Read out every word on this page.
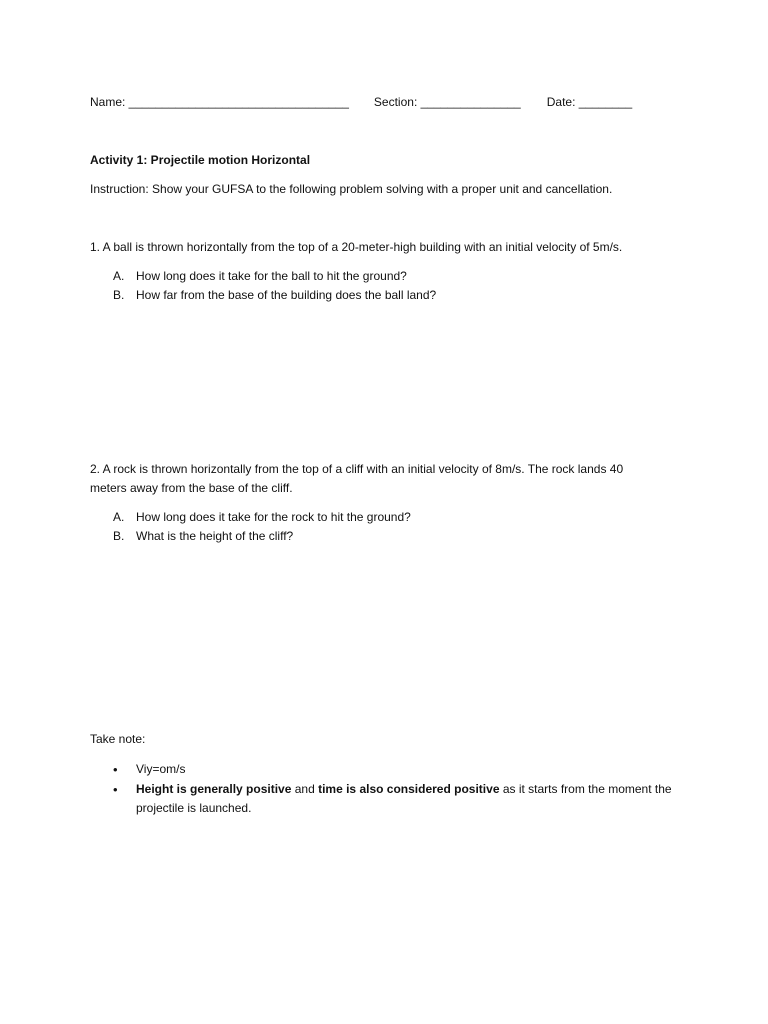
Name: _________________________________ Section: _______________ Date: ________
Activity 1: Projectile motion Horizontal
Instruction: Show your GUFSA to the following problem solving with a proper unit and cancellation.
1. A ball is thrown horizontally from the top of a 20-meter-high building with an initial velocity of 5m/s.
A. How long does it take for the ball to hit the ground?
B. How far from the base of the building does the ball land?
2. A rock is thrown horizontally from the top of a cliff with an initial velocity of 8m/s. The rock lands 40
meters away from the base of the cliff.
A. How long does it take for the rock to hit the ground?
B. What is the height of the cliff?
Take note:
•	Viy=om/s
•	Height is generally positive and time is also considered positive as it starts from the moment the projectile is launched.
